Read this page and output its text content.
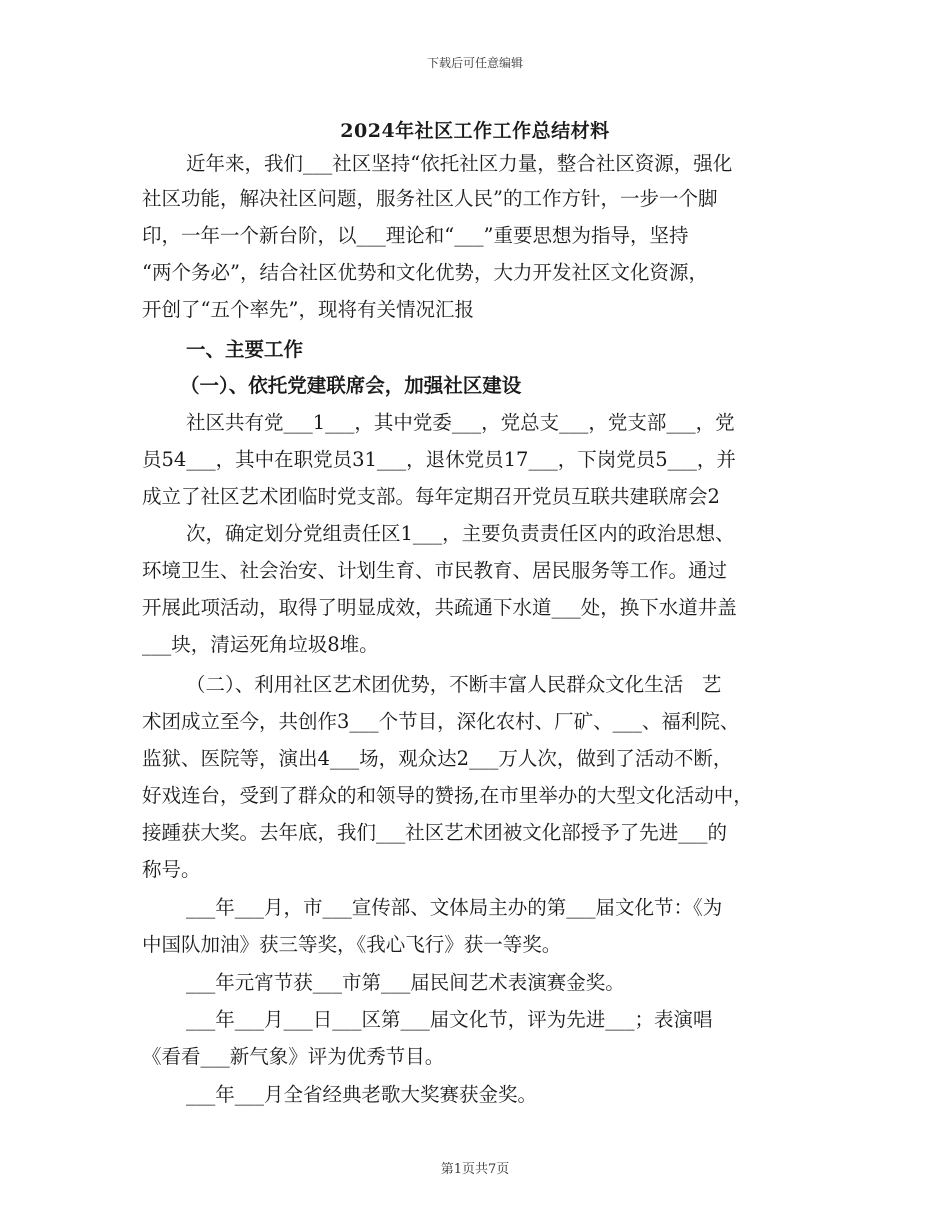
下载后可任意编辑
2024年社区工作工作总结材料
近年来，我们___社区坚持“依托社区力量，整合社区资源，强化
社区功能，解决社区问题，服务社区人民”的工作方针，一步一个脚
印，一年一个新台阶，以___理论和“___”重要思想为指导，坚持
“两个务必”，结合社区优势和文化优势，大力开发社区文化资源，
开创了“五个率先”，现将有关情况汇报
一、主要工作
（一）、依托党建联席会，加强社区建设
社区共有党___1___，其中党委___，党总支___，党支部___，党
员54___，其中在职党员31___，退休党员17___，下岗党员5___，并
成立了社区艺术团临时党支部。每年定期召开党员互联共建联席会2
次，确定划分党组责任区1___，主要负责责任区内的政治思想、
环境卫生、社会治安、计划生育、市民教育、居民服务等工作。通过
开展此项活动，取得了明显成效，共疏通下水道___处，换下水道井盖
___块，清运死角垃圾8堆。
（二）、利用社区艺术团优势，不断丰富人民群众文化生活   艺
术团成立至今，共创作3___个节目，深化农村、厂矿、___、福利院、
监狱、医院等，演出4___场，观众达2___万人次，做到了活动不断，
好戏连台，受到了群众的和领导的赞扬,在市里举办的大型文化活动中，
接踵获大奖。去年底，我们___社区艺术团被文化部授予了先进___的
称号。
___年___月，市___宣传部、文体局主办的第___届文化节：《为
中国队加油》获三等奖，《我心飞行》获一等奖。
___年元宵节获___市第___届民间艺术表演赛金奖。
___年___月___日___区第___届文化节，评为先进___；表演唱
《看看___新气象》评为优秀节目。
___年___月全省经典老歌大奖赛获金奖。
第1页共7页
